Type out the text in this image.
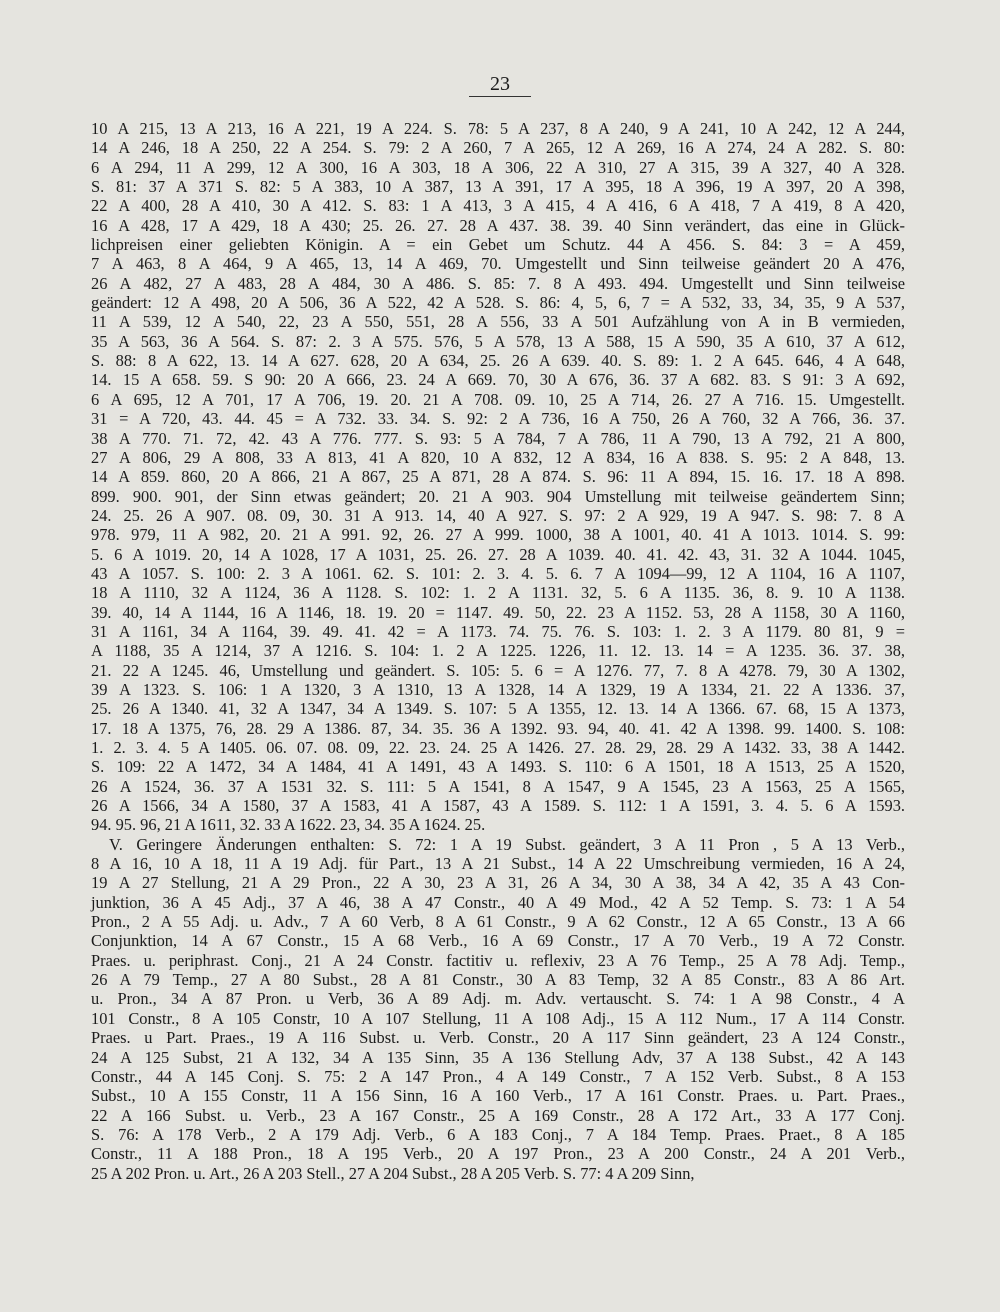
23
10 A 215, 13 A 213, 16 A 221, 19 A 224. S. 78: 5 A 237, 8 A 240, 9 A 241, 10 A 242, 12 A 244,
14 A 246, 18 A 250, 22 A 254. S. 79: 2 A 260, 7 A 265, 12 A 269, 16 A 274, 24 A 282. S. 80:
6 A 294, 11 A 299, 12 A 300, 16 A 303, 18 A 306, 22 A 310, 27 A 315, 39 A 327, 40 A 328.
S. 81: 37 A 371 S. 82: 5 A 383, 10 A 387, 13 A 391, 17 A 395, 18 A 396, 19 A 397, 20 A 398,
22 A 400, 28 A 410, 30 A 412. S. 83: 1 A 413, 3 A 415, 4 A 416, 6 A 418, 7 A 419, 8 A 420,
16 A 428, 17 A 429, 18 A 430; 25. 26. 27. 28 A 437. 38. 39. 40 Sinn verändert, das eine in Glück-
lichpreisen einer geliebten Königin. A = ein Gebet um Schutz. 44 A 456. S. 84: 3 = A 459,
7 A 463, 8 A 464, 9 A 465, 13, 14 A 469, 70. Umgestellt und Sinn teilweise geändert 20 A 476,
26 A 482, 27 A 483, 28 A 484, 30 A 486. S. 85: 7. 8 A 493. 494. Umgestellt und Sinn teilweise
geändert: 12 A 498, 20 A 506, 36 A 522, 42 A 528. S. 86: 4, 5, 6, 7 = A 532, 33, 34, 35, 9 A 537,
11 A 539, 12 A 540, 22, 23 A 550, 551, 28 A 556, 33 A 501 Aufzählung von A in B vermieden,
35 A 563, 36 A 564. S. 87: 2. 3 A 575. 576, 5 A 578, 13 A 588, 15 A 590, 35 A 610, 37 A 612,
S. 88: 8 A 622, 13. 14 A 627. 628, 20 A 634, 25. 26 A 639. 40. S. 89: 1. 2 A 645. 646, 4 A 648,
14. 15 A 658. 59. S 90: 20 A 666, 23. 24 A 669. 70, 30 A 676, 36. 37 A 682. 83. S 91: 3 A 692,
6 A 695, 12 A 701, 17 A 706, 19. 20. 21 A 708. 09. 10, 25 A 714, 26. 27 A 716. 15. Umgestellt.
31 = A 720, 43. 44. 45 = A 732. 33. 34. S. 92: 2 A 736, 16 A 750, 26 A 760, 32 A 766, 36. 37.
38 A 770. 71. 72, 42. 43 A 776. 777. S. 93: 5 A 784, 7 A 786, 11 A 790, 13 A 792, 21 A 800,
27 A 806, 29 A 808, 33 A 813, 41 A 820, 10 A 832, 12 A 834, 16 A 838. S. 95: 2 A 848, 13.
14 A 859. 860, 20 A 866, 21 A 867, 25 A 871, 28 A 874. S. 96: 11 A 894, 15. 16. 17. 18 A 898.
899. 900. 901, der Sinn etwas geändert; 20. 21 A 903. 904 Umstellung mit teilweise geändertem Sinn;
24. 25. 26 A 907. 08. 09, 30. 31 A 913. 14, 40 A 927. S. 97: 2 A 929, 19 A 947. S. 98: 7. 8 A
978. 979, 11 A 982, 20. 21 A 991. 92, 26. 27 A 999. 1000, 38 A 1001, 40. 41 A 1013. 1014. S. 99:
5. 6 A 1019. 20, 14 A 1028, 17 A 1031, 25. 26. 27. 28 A 1039. 40. 41. 42. 43, 31. 32 A 1044. 1045,
43 A 1057. S. 100: 2. 3 A 1061. 62. S. 101: 2. 3. 4. 5. 6. 7 A 1094—99, 12 A 1104, 16 A 1107,
18 A 1110, 32 A 1124, 36 A 1128. S. 102: 1. 2 A 1131. 32, 5. 6 A 1135. 36, 8. 9. 10 A 1138.
39. 40, 14 A 1144, 16 A 1146, 18. 19. 20 = 1147. 49. 50, 22. 23 A 1152. 53, 28 A 1158, 30 A 1160,
31 A 1161, 34 A 1164, 39. 49. 41. 42 = A 1173. 74. 75. 76. S. 103: 1. 2. 3 A 1179. 80 81, 9 =
A 1188, 35 A 1214, 37 A 1216. S. 104: 1. 2 A 1225. 1226, 11. 12. 13. 14 = A 1235. 36. 37. 38,
21. 22 A 1245. 46, Umstellung und geändert. S. 105: 5. 6 = A 1276. 77, 7. 8 A 4278. 79, 30 A 1302,
39 A 1323. S. 106: 1 A 1320, 3 A 1310, 13 A 1328, 14 A 1329, 19 A 1334, 21. 22 A 1336. 37,
25. 26 A 1340. 41, 32 A 1347, 34 A 1349. S. 107: 5 A 1355, 12. 13. 14 A 1366. 67. 68, 15 A 1373,
17. 18 A 1375, 76, 28. 29 A 1386. 87, 34. 35. 36 A 1392. 93. 94, 40. 41. 42 A 1398. 99. 1400. S. 108:
1. 2. 3. 4. 5 A 1405. 06. 07. 08. 09, 22. 23. 24. 25 A 1426. 27. 28. 29, 28. 29 A 1432. 33, 38 A 1442.
S. 109: 22 A 1472, 34 A 1484, 41 A 1491, 43 A 1493. S. 110: 6 A 1501, 18 A 1513, 25 A 1520,
26 A 1524, 36. 37 A 1531 32. S. 111: 5 A 1541, 8 A 1547, 9 A 1545, 23 A 1563, 25 A 1565,
26 A 1566, 34 A 1580, 37 A 1583, 41 A 1587, 43 A 1589. S. 112: 1 A 1591, 3. 4. 5. 6 A 1593.
94. 95. 96, 21 A 1611, 32. 33 A 1622. 23, 34. 35 A 1624. 25.
V. Geringere Änderungen enthalten: S. 72: 1 A 19 Subst. geändert, 3 A 11 Pron , 5 A 13 Verb.,
8 A 16, 10 A 18, 11 A 19 Adj. für Part., 13 A 21 Subst., 14 A 22 Umschreibung vermieden, 16 A 24,
19 A 27 Stellung, 21 A 29 Pron., 22 A 30, 23 A 31, 26 A 34, 30 A 38, 34 A 42, 35 A 43 Con-
junktion, 36 A 45 Adj., 37 A 46, 38 A 47 Constr., 40 A 49 Mod., 42 A 52 Temp. S. 73: 1 A 54
Pron., 2 A 55 Adj. u. Adv., 7 A 60 Verb, 8 A 61 Constr., 9 A 62 Constr., 12 A 65 Constr., 13 A 66
Conjunktion, 14 A 67 Constr., 15 A 68 Verb., 16 A 69 Constr., 17 A 70 Verb., 19 A 72 Constr.
Praes. u. periphrast. Conj., 21 A 24 Constr. factitiv u. reflexiv, 23 A 76 Temp., 25 A 78 Adj. Temp.,
26 A 79 Temp., 27 A 80 Subst., 28 A 81 Constr., 30 A 83 Temp, 32 A 85 Constr., 83 A 86 Art.
u. Pron., 34 A 87 Pron. u Verb, 36 A 89 Adj. m. Adv. vertauscht. S. 74: 1 A 98 Constr., 4 A
101 Constr., 8 A 105 Constr, 10 A 107 Stellung, 11 A 108 Adj., 15 A 112 Num., 17 A 114 Constr.
Praes. u Part. Praes., 19 A 116 Subst. u. Verb. Constr., 20 A 117 Sinn geändert, 23 A 124 Constr.,
24 A 125 Subst, 21 A 132, 34 A 135 Sinn, 35 A 136 Stellung Adv, 37 A 138 Subst., 42 A 143
Constr., 44 A 145 Conj. S. 75: 2 A 147 Pron., 4 A 149 Constr., 7 A 152 Verb. Subst., 8 A 153
Subst., 10 A 155 Constr, 11 A 156 Sinn, 16 A 160 Verb., 17 A 161 Constr. Praes. u. Part. Praes.,
22 A 166 Subst. u. Verb., 23 A 167 Constr., 25 A 169 Constr., 28 A 172 Art., 33 A 177 Conj.
S. 76: A 178 Verb., 2 A 179 Adj. Verb., 6 A 183 Conj., 7 A 184 Temp. Praes. Praet., 8 A 185
Constr., 11 A 188 Pron., 18 A 195 Verb., 20 A 197 Pron., 23 A 200 Constr., 24 A 201 Verb.,
25 A 202 Pron. u. Art., 26 A 203 Stell., 27 A 204 Subst., 28 A 205 Verb. S. 77: 4 A 209 Sinn,
